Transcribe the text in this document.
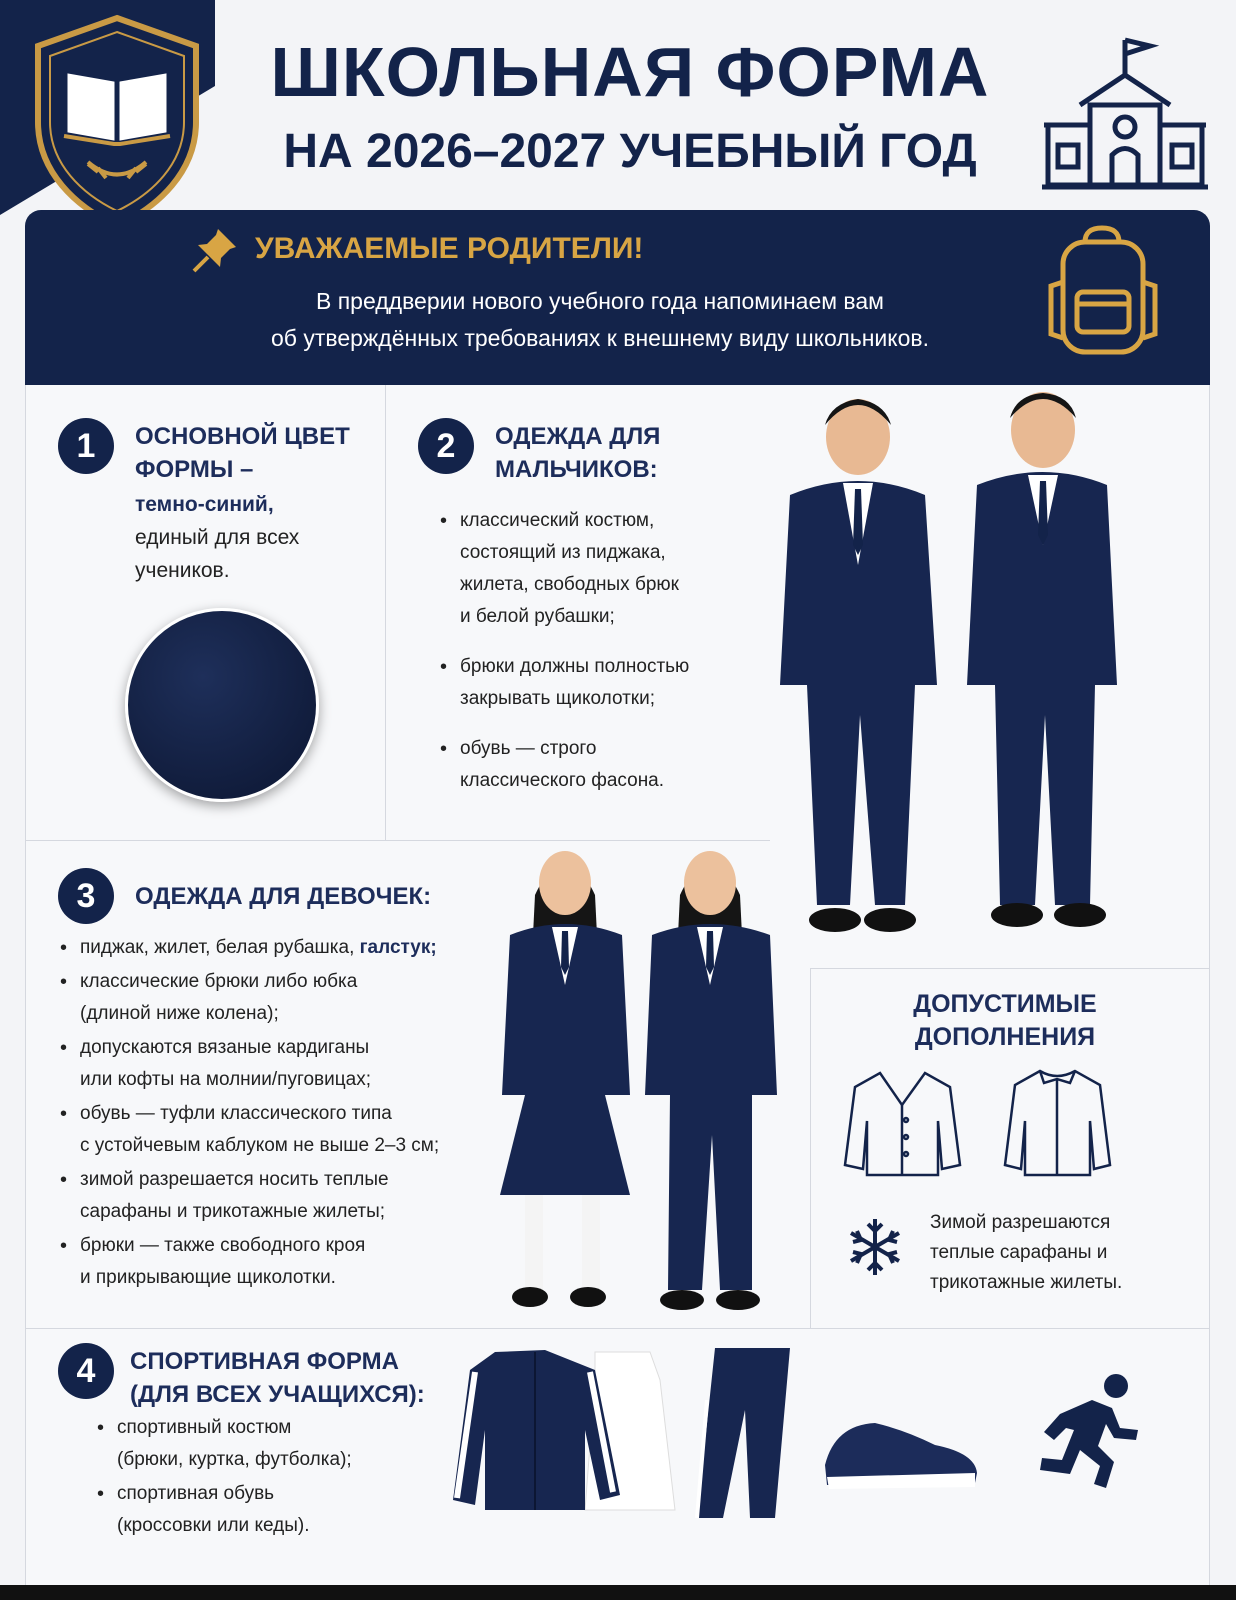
ШКОЛЬНАЯ ФОРМА
НА 2026–2027 УЧЕБНЫЙ ГОД
УВАЖАЕМЫЕ РОДИТЕЛИ!
В преддверии нового учебного года напоминаем вам
об утверждённых требованиях к внешнему виду школьников.
1	ОСНОВНОЙ ЦВЕТ
ФОРМЫ –
темно-синий,
единый для всех
учеников.
2	ОДЕЖДА ДЛЯ
МАЛЬЧИКОВ:
• классический костюм,
состоящий из пиджака,
жилета, свободных брюк
и белой рубашки;
• брюки должны полностью
закрывать щиколотки;
• обувь — строго
классического фасона.
3	ОДЕЖДА ДЛЯ ДЕВОЧЕК:
• пиджак, жилет, белая рубашка, галстук;
• классические брюки либо юбка
(длиной ниже колена);
• допускаются вязаные кардиганы
или кофты на молнии/пуговицах;
• обувь — туфли классического типа
с устойчевым каблуком не выше 2–3 см;
• зимой разрешается носить теплые
сарафаны и трикотажные жилеты;
• брюки — также свободного кроя
и прикрывающие щиколотки.
ДОПУСТИМЫЕ
ДОПОЛНЕНИЯ
Зимой разрешаются
теплые сарафаны и
трикотажные жилеты.
4	СПОРТИВНАЯ ФОРМА
(ДЛЯ ВСЕХ УЧАЩИХСЯ):
• спортивный костюм
(брюки, куртка, футболка);
• спортивная обувь
(кроссовки или кеды).
